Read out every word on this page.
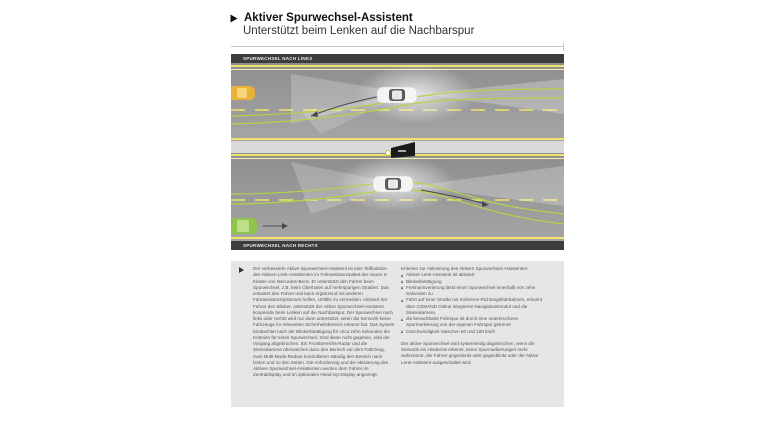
Aktiver Spurwechsel-Assistent
Unterstützt beim Lenken auf die Nachbarspur
SPURWECHSEL NACH LINKS
SPURWECHSEL NACH RECHTS
Der verbesserte Aktive Spurwechsel-Assistent ist eine Teilfunktion des Aktiven Lenk-Assistenten im Fahrassistenzpaket der neuen S-Klasse von Mercedes-Benz. Er unterstützt den Fahrer beim Spurwechsel, z.B. beim Überholen auf mehrspurigen Straßen. Das entlastet den Fahrer und kann ergänzend mit anderen Fahrassistenzsystemen helfen, Unfälle zu vermeiden. Aktiviert der Fahrer den Blinker, unterstützt der Aktive Spurwechsel-Assistent kooperativ beim Lenken auf die Nachbarspur. Der Spurwechsel nach links oder rechts wird nur dann unterstützt, wenn die Sensorik keine Fahrzeuge im relevanten Sicherheitsbereich erkannt hat. Das System beobachtet nach der Blinkerbetätigung für circa zehn Sekunden die Kriterien für einen Spurwechsel. Sind diese nicht gegeben, wird der Vorgang abgebrochen. Ein Frontbereichs-Radar und die Stereokamera überwachen dazu den Bereich vor dem Fahrzeug, zwei Multi-Mode-Radare kontrollieren ständig den Bereich nach hinten und zu den Seiten. Die Anforderung und die Aktivierung des Aktiven Spurwechsel-Assistenten werden dem Fahrer im Zentraldisplay und im optionalen Head-Up-Display angezeigt.

Kriterien zur Aktivierung des Aktiven Spurwechsel-Assistenten:

Aktiver Lenk-Assistent ist aktiviert
Blinkerbetätigung
Freimanöverierung lässt einen Spurwechsel innerhalb von zehn Sekunden zu
Fahrt auf einer Straße mit mehreren Richtungsfahrbahnen, erkannt über COMAND Online integrierte Navigationsmodul und die Stereokamera
die benachbarte Fahrspur ist durch eine unterbrochene Spurmarkierung von der eigenen Fahrspur getrennt
Geschwindigkeit zwischen 80 und 180 km/h

Der aktive Spurwechsel wird systemseitig abgebrochen, wenn die Sensorik ein Hindernis erkennt, keine Spurmarkierungen mehr wahrnimmt, der Fahrer gegenlenkt oder gegenblinkt oder der Aktive Lenk-Assistent ausgeschaltet wird.
